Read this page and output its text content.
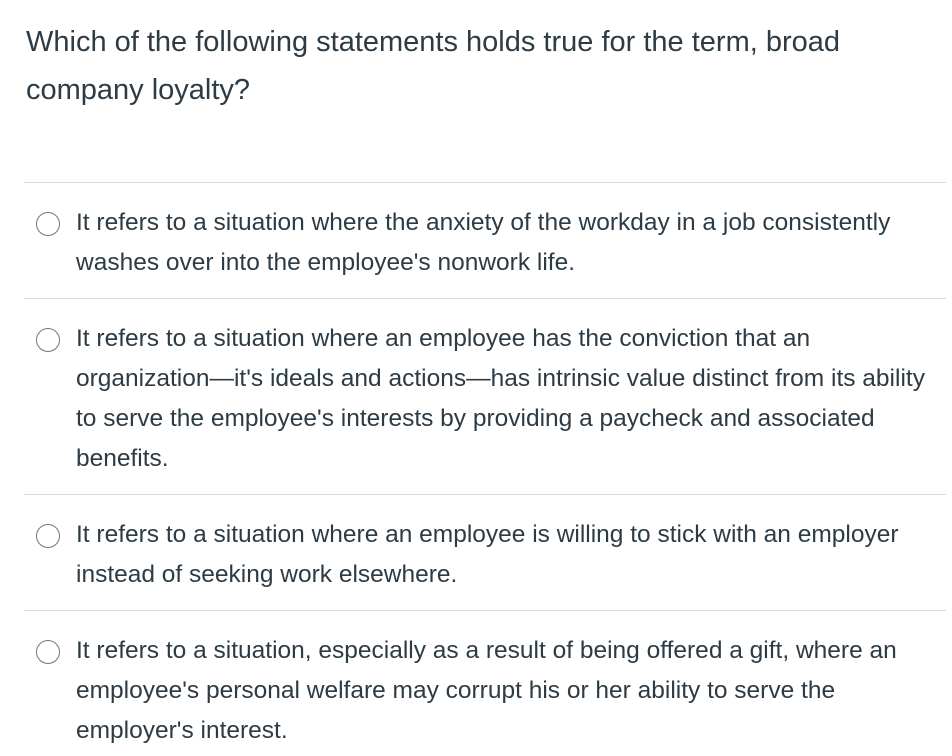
Which of the following statements holds true for the term, broad company loyalty?
It refers to a situation where the anxiety of the workday in a job consistently washes over into the employee's nonwork life.
It refers to a situation where an employee has the conviction that an organization—it's ideals and actions—has intrinsic value distinct from its ability to serve the employee's interests by providing a paycheck and associated benefits.
It refers to a situation where an employee is willing to stick with an employer instead of seeking work elsewhere.
It refers to a situation, especially as a result of being offered a gift, where an employee's personal welfare may corrupt his or her ability to serve the employer's interest.
